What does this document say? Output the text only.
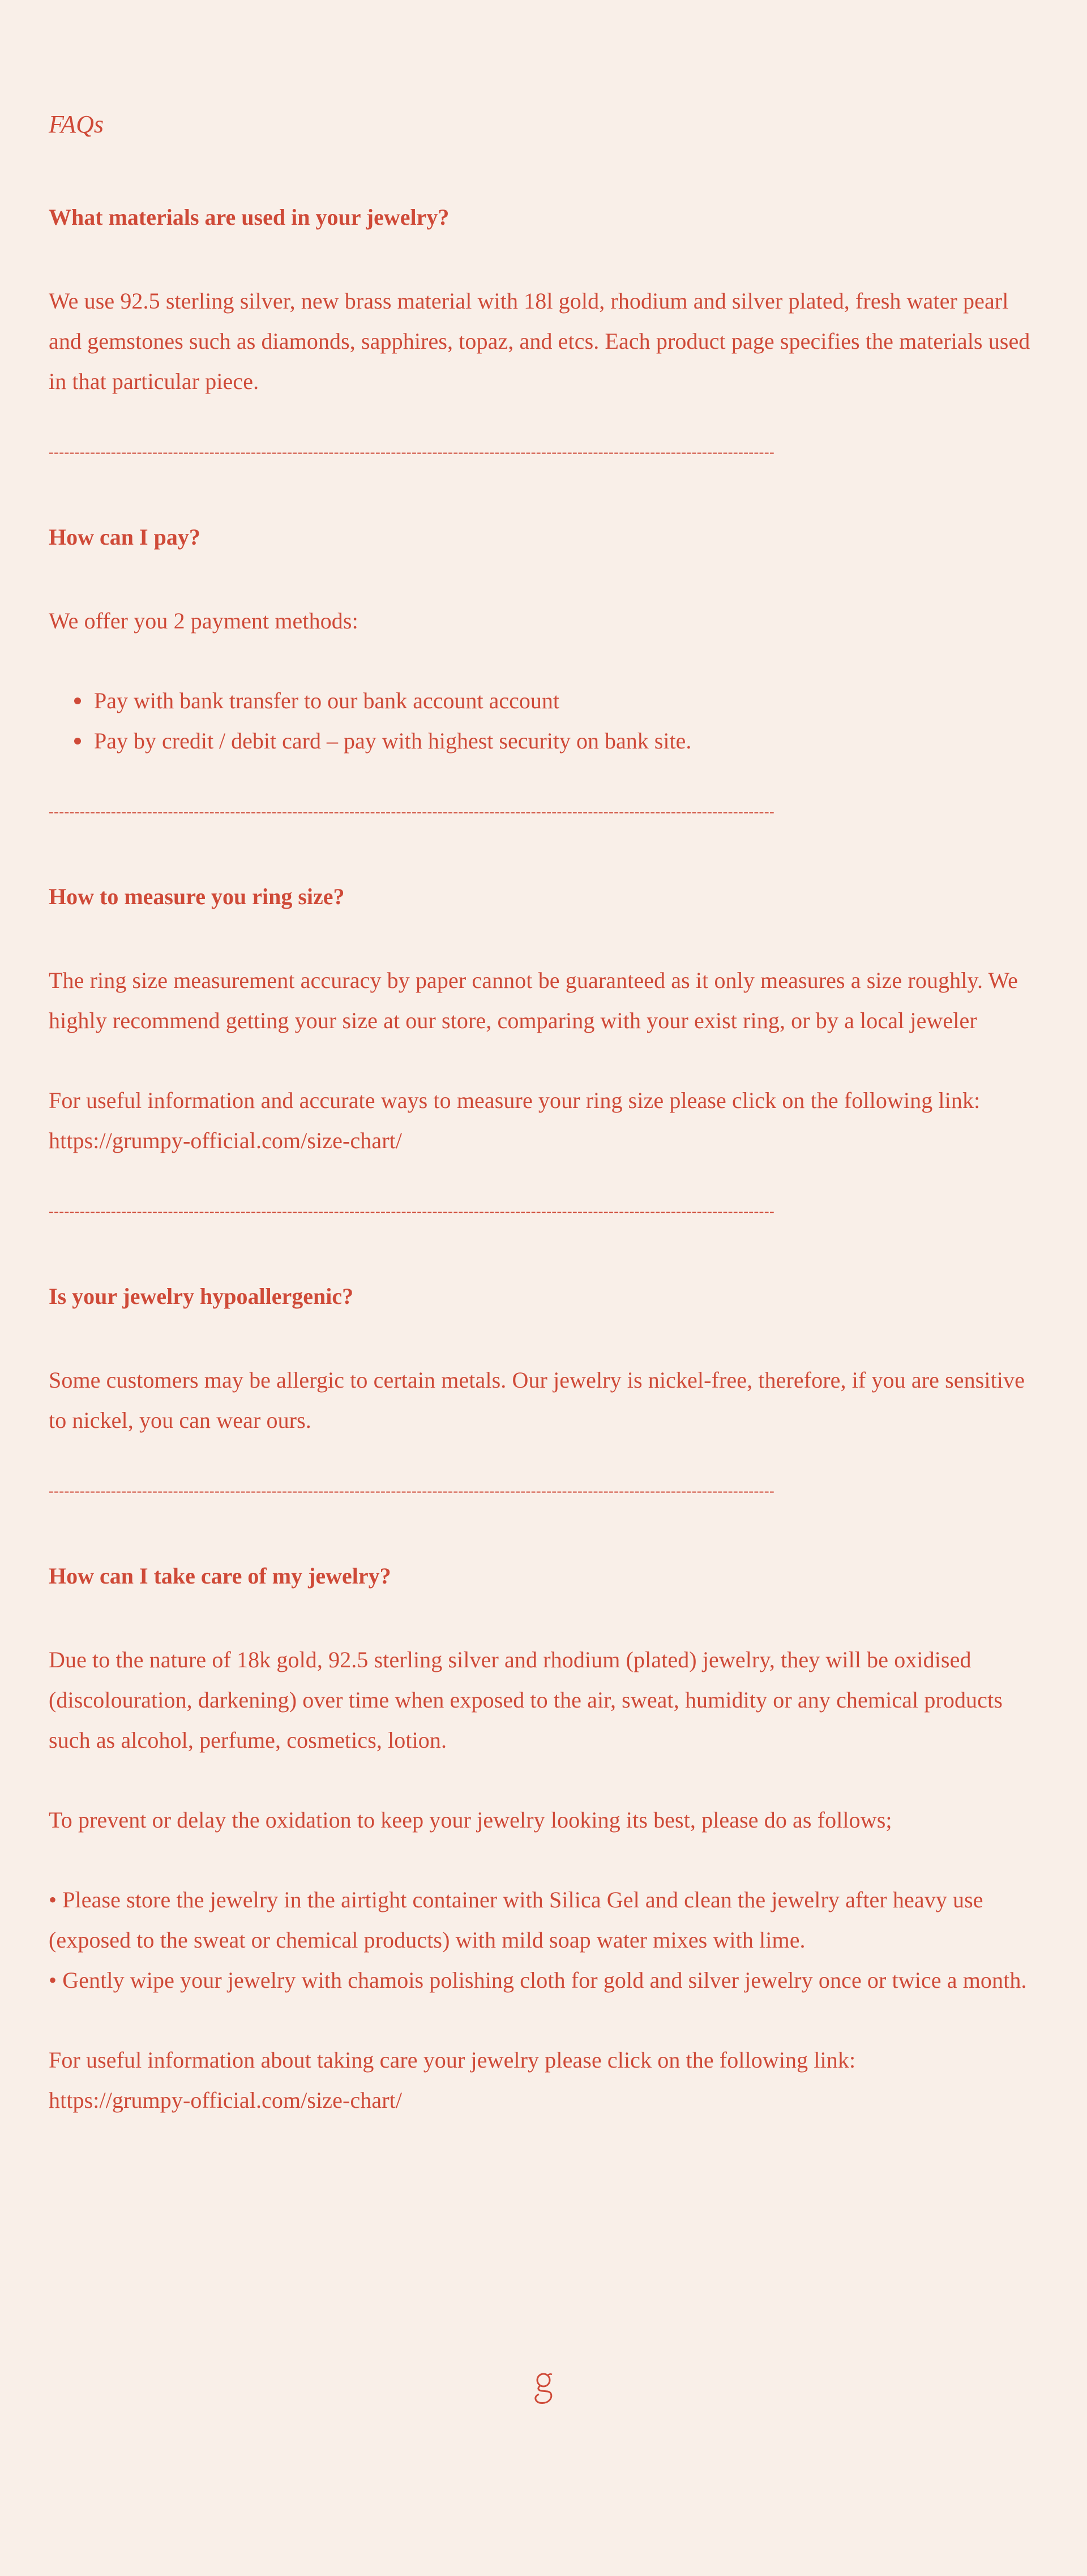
FAQs
What materials are used in your jewelry?

We use 92.5 sterling silver, new brass material with 18l gold, rhodium and silver plated, fresh water pearl and gemstones such as diamonds, sapphires, topaz, and etcs. Each product page specifies the materials used in that particular piece.

--------------------------------------------------------------------------------------------------------------------------------------------
How can I pay?

We offer you 2 payment methods:

Pay with bank transfer to our bank account account
Pay by credit / debit card – pay with highest security on bank site.
--------------------------------------------------------------------------------------------------------------------------------------------
How to measure you ring size?

The ring size measurement accuracy by paper cannot be guaranteed as it only measures a size roughly. We highly recommend getting your size at our store, comparing with your exist ring, or by a local jeweler

For useful information and accurate ways to measure your ring size please click on the following link: https://grumpy-official.com/size-chart/

--------------------------------------------------------------------------------------------------------------------------------------------
Is your jewelry hypoallergenic?

Some customers may be allergic to certain metals. Our jewelry is nickel-free, therefore, if you are sensitive to nickel, you can wear ours.

--------------------------------------------------------------------------------------------------------------------------------------------
How can I take care of my jewelry?

Due to the nature of 18k gold, 92.5 sterling silver and rhodium (plated) jewelry, they will be oxidised (discolouration, darkening) over time when exposed to the air, sweat, humidity or any chemical products such as alcohol, perfume, cosmetics, lotion.

To prevent or delay the oxidation to keep your jewelry looking its best, please do as follows;

• Please store the jewelry in the airtight container with Silica Gel and clean the jewelry after heavy use (exposed to the sweat or chemical products) with mild soap water mixes with lime.
• Gently wipe your jewelry with chamois polishing cloth for gold and silver jewelry once or twice a month.

For useful information about taking care your jewelry please click on the following link:
https://grumpy-official.com/size-chart/
